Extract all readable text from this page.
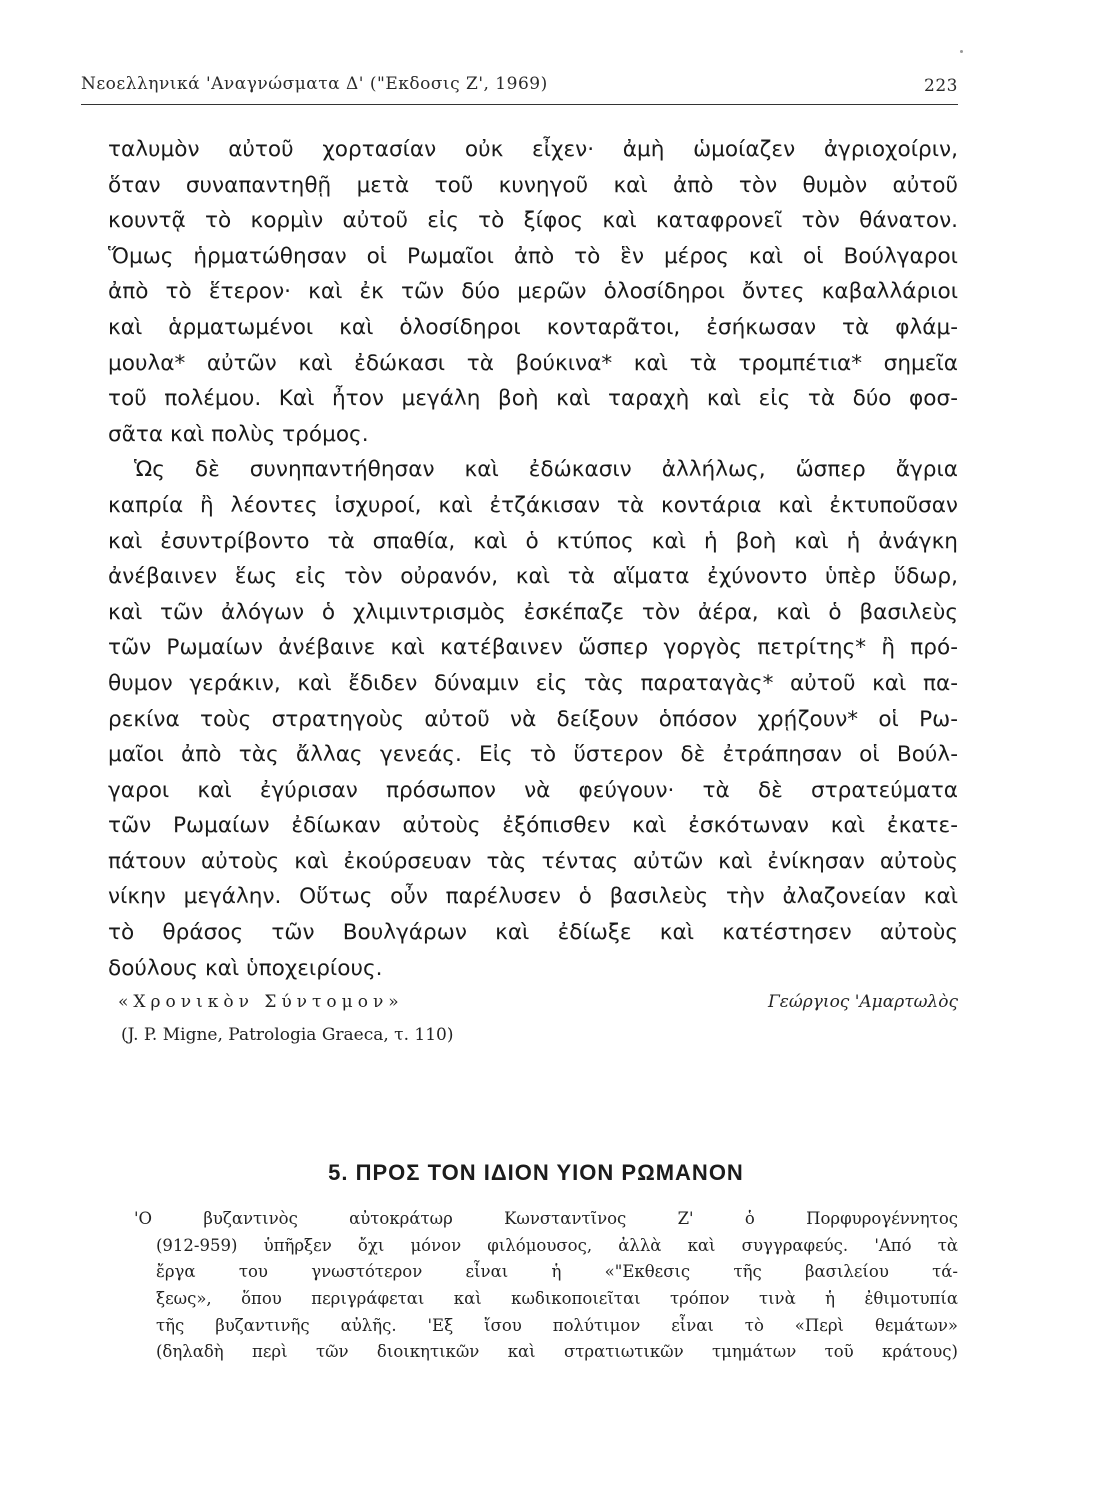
Νεοελληνικά 'Αναγνώσματα Δ' ("Εκδοσις Ζ', 1969)	223
ταλυμὸν αὐτοῦ χορτασίαν οὐκ εἶχεν· ἀμὴ ὡμοίαζεν ἀγριοχοίριν,
ὅταν συναπαντηθῇ μετὰ τοῦ κυνηγοῦ καὶ ἀπὸ τὸν θυμὸν αὐτοῦ
κουντᾷ τὸ κορμὶν αὐτοῦ εἰς τὸ ξίφος καὶ καταφρονεῖ τὸν θάνατον.
Ὅμως ἡρματώθησαν οἱ Ρωμαῖοι ἀπὸ τὸ ἓν μέρος καὶ οἱ Βούλγαροι
ἀπὸ τὸ ἕτερον· καὶ ἐκ τῶν δύο μερῶν ὁλοσίδηροι ὄντες καβαλλάριοι
καὶ ἁρματωμένοι καὶ ὁλοσίδηροι κονταρᾶτοι, ἐσήκωσαν τὰ φλάμ-
μουλα* αὐτῶν καὶ ἐδώκασι τὰ βούκινα* καὶ τὰ τρομπέτια* σημεῖα
τοῦ πολέμου. Καὶ ἦτον μεγάλη βοὴ καὶ ταραχὴ καὶ εἰς τὰ δύο φοσ-
σᾶτα καὶ πολὺς τρόμος.
Ὡς δὲ συνηπαντήθησαν καὶ ἐδώκασιν ἀλλήλως, ὥσπερ ἄγρια
καπρία ἢ λέοντες ἰσχυροί, καὶ ἐτζάκισαν τὰ κοντάρια καὶ ἐκτυποῦσαν
καὶ ἐσυντρίβοντο τὰ σπαθία, καὶ ὁ κτύπος καὶ ἡ βοὴ καὶ ἡ ἀνάγκη
ἀνέβαινεν ἕως εἰς τὸν οὐρανόν, καὶ τὰ αἵματα ἐχύνοντο ὑπὲρ ὕδωρ,
καὶ τῶν ἀλόγων ὁ χλιμιντρισμὸς ἐσκέπαζε τὸν ἀέρα, καὶ ὁ βασιλεὺς
τῶν Ρωμαίων ἀνέβαινε καὶ κατέβαινεν ὥσπερ γοργὸς πετρίτης* ἢ πρό-
θυμον γεράκιν, καὶ ἔδιδεν δύναμιν εἰς τὰς παραταγὰς* αὐτοῦ καὶ πα-
ρεκίνα τοὺς στρατηγοὺς αὐτοῦ νὰ δείξουν ὁπόσον χρῄζουν* οἱ Ρω-
μαῖοι ἀπὸ τὰς ἄλλας γενεάς. Εἰς τὸ ὕστερον δὲ ἐτράπησαν οἱ Βούλ-
γαροι καὶ ἐγύρισαν πρόσωπον νὰ φεύγουν· τὰ δὲ στρατεύματα
τῶν Ρωμαίων ἐδίωκαν αὐτοὺς ἐξόπισθεν καὶ ἐσκότωναν καὶ ἐκατε-
πάτουν αὐτοὺς καὶ ἐκούρσευαν τὰς τέντας αὐτῶν καὶ ἐνίκησαν αὐτοὺς
νίκην μεγάλην. Οὕτως οὖν παρέλυσεν ὁ βασιλεὺς τὴν ἀλαζονείαν καὶ
τὸ θράσος τῶν Βουλγάρων καὶ ἐδίωξε καὶ κατέστησεν αὐτοὺς
δούλους καὶ ὑποχειρίους.
«Χρονικὸν Σύντομον»	Γεώργιος 'Αμαρτωλὸς
(J. P. Migne, Patrologia Graeca, τ. 110)
5. ΠΡΟΣ ΤΟΝ ΙΔΙΟΝ ΥΙΟΝ ΡΩΜΑΝΟΝ
'Ο βυζαντινὸς αὐτοκράτωρ Κωνσταντῖνος Ζ' ὁ Πορφυρογέννητος
(912-959) ὑπῆρξεν ὄχι μόνον φιλόμουσος, ἀλλὰ καὶ συγγραφεύς. 'Από τὰ
ἔργα του γνωστότερον εἶναι ἡ «"Εκθεσις τῆς βασιλείου τά-
ξεως», ὅπου περιγράφεται καὶ κωδικοποιεῖται τρόπον τινὰ ἡ ἐθιμοτυπία
τῆς βυζαντινῆς αὐλῆς. 'Εξ ἴσου πολύτιμον εἶναι τὸ «Περὶ θεμάτων»
(δηλαδὴ περὶ τῶν διοικητικῶν καὶ στρατιωτικῶν τμημάτων τοῦ κράτους)
